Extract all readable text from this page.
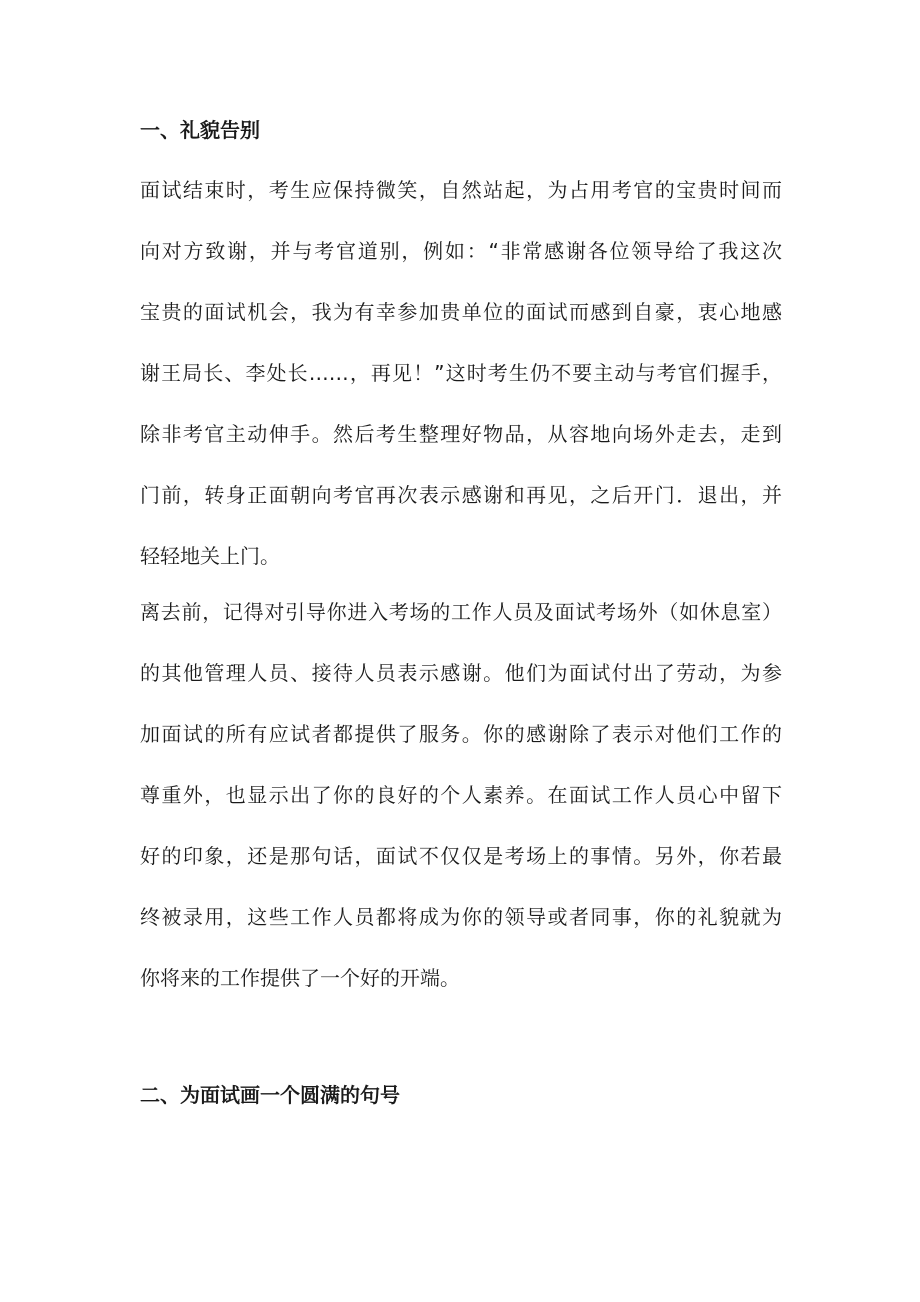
一、礼貌告别
面试结束时，考生应保持微笑，自然站起，为占用考官的宝贵时间而
向对方致谢，并与考官道别，例如：“非常感谢各位领导给了我这次
宝贵的面试机会，我为有幸参加贵单位的面试而感到自豪，衷心地感
谢王局长、李处长……，再见！”这时考生仍不要主动与考官们握手，
除非考官主动伸手。然后考生整理好物品，从容地向场外走去，走到
门前，转身正面朝向考官再次表示感谢和再见，之后开门．退出，并
轻轻地关上门。
离去前，记得对引导你进入考场的工作人员及面试考场外（如休息室）
的其他管理人员、接待人员表示感谢。他们为面试付出了劳动，为参
加面试的所有应试者都提供了服务。你的感谢除了表示对他们工作的
尊重外，也显示出了你的良好的个人素养。在面试工作人员心中留下
好的印象，还是那句话，面试不仅仅是考场上的事情。另外，你若最
终被录用，这些工作人员都将成为你的领导或者同事，你的礼貌就为
你将来的工作提供了一个好的开端。
二、为面试画一个圆满的句号
